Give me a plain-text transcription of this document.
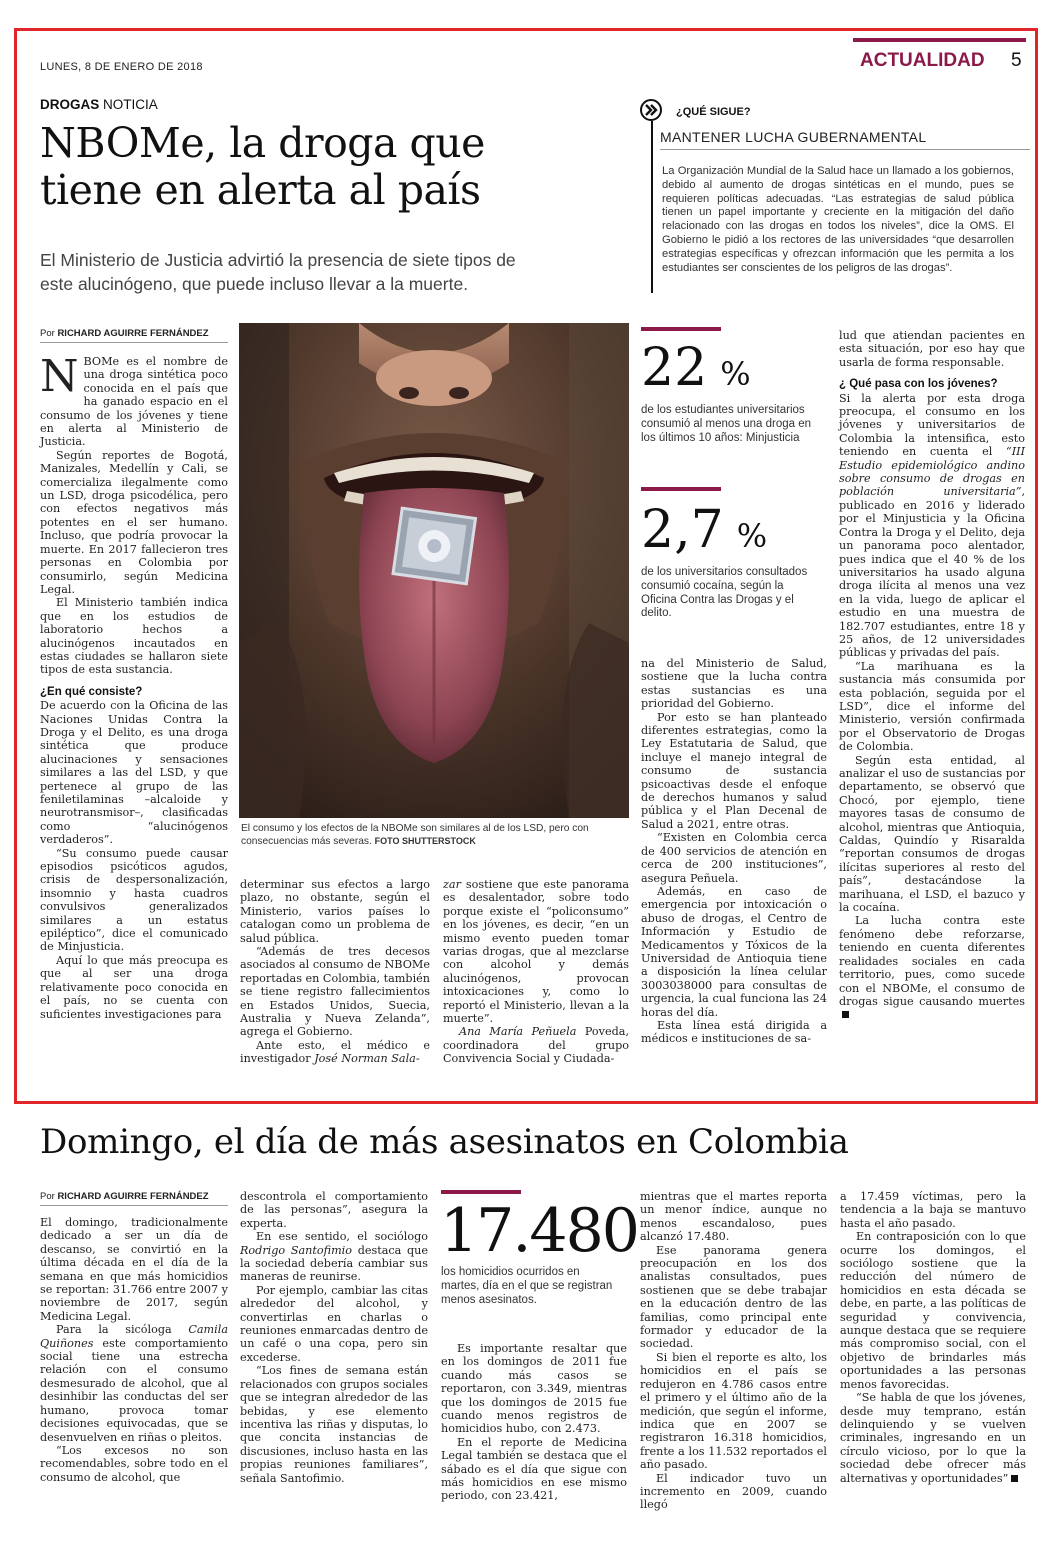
LUNES, 8 DE ENERO DE 2018	ACTUALIDAD 5
DROGAS NOTICIA
NBOMe, la droga que
tiene en alerta al país
El Ministerio de Justicia advirtió la presencia de siete tipos de
este alucinógeno, que puede incluso llevar a la muerte.
¿QUÉ SIGUE?
MANTENER LUCHA GUBERNAMENTAL
La Organización Mundial de la Salud hace un llamado a los gobiernos, debido al aumento de drogas sintéticas en el mundo, pues se requieren políticas adecuadas. “Las estrategias de salud pública tienen un papel importante y creciente en la mitigación del daño relacionado con las drogas en todos los niveles”, dice la OMS. El Gobierno le pidió a los rectores de las universidades “que desarrollen estrategias específicas y ofrezcan información que les permita a los estudiantes ser conscientes de los peligros de las drogas”.
Por RICHARD AGUIRRE FERNÁNDEZ

N BOMe es el nombre de una droga sintética poco conocida en el país que ha ganado espacio en el consumo de los jóvenes y tiene en alerta al Ministerio de Justicia.

Según reportes de Bogotá, Manizales, Medellín y Cali, se comercializa ilegalmente como un LSD, droga psicodélica, pero con efectos negativos más potentes en el ser humano. Incluso, que podría provocar la muerte. En 2017 fallecieron tres personas en Colombia por consumirlo, según Medicina Legal.

El Ministerio también indica que en los estudios de laboratorio hechos a alucinógenos incautados en estas ciudades se hallaron siete tipos de esta sustancia.

¿En qué consiste?

De acuerdo con la Oficina de las Naciones Unidas Contra la Droga y el Delito, es una droga sintética que produce alucinaciones y sensaciones similares a las del LSD, y que pertenece al grupo de las feniletilaminas –alcaloide y neurotransmisor–, clasificadas como “alucinógenos verdaderos”.

“Su consumo puede causar episodios psicóticos agudos, crisis de despersonalización, insomnio y hasta cuadros convulsivos generalizados similares a un estatus epiléptico”, dice el comunicado de Minjusticia.

Aquí lo que más preocupa es que al ser una droga relativamente poco conocida en el país, no se cuenta con suficientes investigaciones para

El consumo y los efectos de la NBOMe son similares al de los LSD, pero con consecuencias más severas. FOTO SHUTTERSTOCK

determinar sus efectos a largo plazo, no obstante, según el Ministerio, varios países lo catalogan como un problema de salud pública.

“Además de tres decesos asociados al consumo de NBOMe reportadas en Colombia, también se tiene registro fallecimientos en Estados Unidos, Suecia, Australia y Nueva Zelanda”, agrega el Gobierno.

Ante esto, el médico e investigador José Norman Sala-

zar sostiene que este panorama es desalentador, sobre todo porque existe el “policonsumo” en los jóvenes, es decir, “en un mismo evento pueden tomar varias drogas, que al mezclarse con alcohol y demás alucinógenos, provocan intoxicaciones y, como lo reportó el Ministerio, llevan a la muerte”.

Ana María Peñuela Poveda, coordinadora del grupo Convivencia Social y Ciudada-

22 %
de los estudiantes universitarios consumió al menos una droga en los últimos 10 años: Minjusticia
2,7 %
de los universitarios consultados consumió cocaína, según la Oficina Contra las Drogas y el delito.

na del Ministerio de Salud, sostiene que la lucha contra estas sustancias es una prioridad del Gobierno.

Por esto se han planteado diferentes estrategias, como la Ley Estatutaria de Salud, que incluye el manejo integral de consumo de sustancia psicoactivas desde el enfoque de derechos humanos y salud pública y el Plan Decenal de Salud a 2021, entre otras.

“Existen en Colombia cerca de 400 servicios de atención en cerca de 200 instituciones”, asegura Peñuela.

Además, en caso de emergencia por intoxicación o abuso de drogas, el Centro de Información y Estudio de Medicamentos y Tóxicos de la Universidad de Antioquia tiene a disposición la línea celular 3003038000 para consultas de urgencia, la cual funciona las 24 horas del día.

Esta línea está dirigida a médicos e instituciones de sa-

lud que atiendan pacientes en esta situación, por eso hay que usarla de forma responsable.

¿ Qué pasa con los jóvenes?

Si la alerta por esta droga preocupa, el consumo en los jóvenes y universitarios de Colombia la intensifica, esto teniendo en cuenta el “III Estudio epidemiológico andino sobre consumo de drogas en población universitaria”, publicado en 2016 y liderado por el Minjusticia y la Oficina Contra la Droga y el Delito, deja un panorama poco alentador, pues indica que el 40 % de los universitarios ha usado alguna droga ilícita al menos una vez en la vida, luego de aplicar el estudio en una muestra de 182.707 estudiantes, entre 18 y 25 años, de 12 universidades públicas y privadas del país.

“La marihuana es la sustancia más consumida por esta población, seguida por el LSD”, dice el informe del Ministerio, versión confirmada por el Observatorio de Drogas de Colombia.

Según esta entidad, al analizar el uso de sustancias por departamento, se observó que Chocó, por ejemplo, tiene mayores tasas de consumo de alcohol, mientras que Antioquia, Caldas, Quindío y Risaralda “reportan consumos de drogas ilícitas superiores al resto del país”, destacándose la marihuana, el LSD, el bazuco y la cocaína.

La lucha contra este fenómeno debe reforzarse, teniendo en cuenta diferentes realidades sociales en cada territorio, pues, como sucede con el NBOMe, el consumo de drogas sigue causando muertes

Domingo, el día de más asesinatos en Colombia
Por RICHARD AGUIRRE FERNÁNDEZ

El domingo, tradicionalmente dedicado a ser un día de descanso, se convirtió en la última década en el día de la semana en que más homicidios se reportan: 31.766 entre 2007 y noviembre de 2017, según Medicina Legal.

Para la sicóloga Camila Quiñones este comportamiento social tiene una estrecha relación con el consumo desmesurado de alcohol, que al desinhibir las conductas del ser humano, provoca tomar decisiones equivocadas, que se desenvuelven en riñas o pleitos.

“Los excesos no son recomendables, sobre todo en el consumo de alcohol, que

descontrola el comportamiento de las personas”, asegura la experta.

En ese sentido, el sociólogo Rodrigo Santofimio destaca que la sociedad debería cambiar sus maneras de reunirse.

Por ejemplo, cambiar las citas alrededor del alcohol, y convertirlas en charlas o reuniones enmarcadas dentro de un café o una copa, pero sin excederse.

“Los fines de semana están relacionados con grupos sociales que se integran alrededor de las bebidas, y ese elemento incentiva las riñas y disputas, lo que concita instancias de discusiones, incluso hasta en las propias reuniones familiares”, señala Santofimio.

17.480
los homicidios ocurridos en martes, día en el que se registran menos asesinatos.

Es importante resaltar que en los domingos de 2011 fue cuando más casos se reportaron, con 3.349, mientras que los domingos de 2015 fue cuando menos registros de homicidios hubo, con 2.473.

En el reporte de Medicina Legal también se destaca que el sábado es el día que sigue con más homicidios en ese mismo periodo, con 23.421,

mientras que el martes reporta un menor índice, aunque no menos escandaloso, pues alcanzó 17.480.

Ese panorama genera preocupación en los dos analistas consultados, pues sostienen que se debe trabajar en la educación dentro de las familias, como principal ente formador y educador de la sociedad.

Si bien el reporte es alto, los homicidios en el país se redujeron en 4.786 casos entre el primero y el último año de la medición, que según el informe, indica que en 2007 se registraron 16.318 homicidios, frente a los 11.532 reportados el año pasado.

El indicador tuvo un incremento en 2009, cuando llegó

a 17.459 víctimas, pero la tendencia a la baja se mantuvo hasta el año pasado.

En contraposición con lo que ocurre los domingos, el sociólogo sostiene que la reducción del número de homicidios en esta década se debe, en parte, a las políticas de seguridad y convivencia, aunque destaca que se requiere más compromiso social, con el objetivo de brindarles más oportunidades a las personas menos favorecidas.

“Se habla de que los jóvenes, desde muy temprano, están delinquiendo y se vuelven criminales, ingresando en un círculo vicioso, por lo que la sociedad debe ofrecer más alternativas y oportunidades”
